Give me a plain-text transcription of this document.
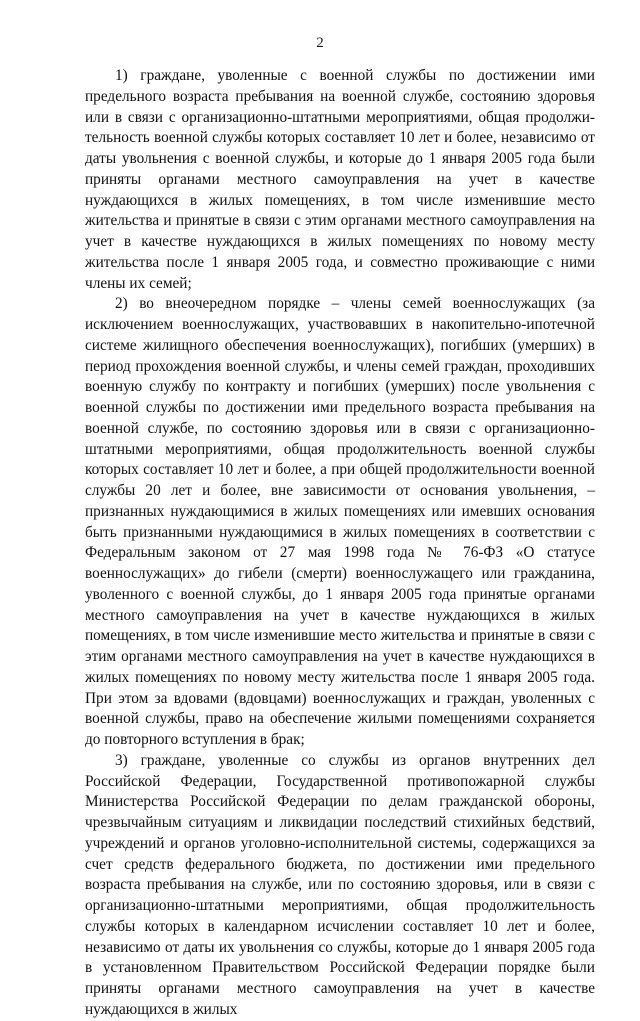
2

1) граждане, уволенные с военной службы по достижении ими предельного возраста пребывания на военной службе, состоянию здоровья или в связи с организационно-штатными мероприятиями, общая продолжи-тельность военной службы которых составляет 10 лет и более, независимо от даты увольнения с военной службы, и которые до 1 января 2005 года были приняты органами местного самоуправления на учет в качестве нуждающихся в жилых помещениях, в том числе изменившие место жительства и принятые в связи с этим органами местного самоуправления на учет в качестве нуждающихся в жилых помещениях по новому месту жительства после 1 января 2005 года, и совместно проживающие с ними члены их семей;

2) во внеочередном порядке – члены семей военнослужащих (за исключением военнослужащих, участвовавших в накопительно-ипотечной системе жилищного обеспечения военнослужащих), погибших (умерших) в период прохождения военной службы, и члены семей граждан, проходивших военную службу по контракту и погибших (умерших) после увольнения с военной службы по достижении ими предельного возраста пребывания на военной службе, по состоянию здоровья или в связи с организационно-штатными мероприятиями, общая продолжительность военной службы которых составляет 10 лет и более, а при общей продолжительности военной службы 20 лет и более, вне зависимости от основания увольнения, – признанных нуждающимися в жилых помещениях или имевших основания быть признанными нуждающимися в жилых помещениях в соответствии с Федеральным законом от 27 мая 1998 года № 76-ФЗ «О статусе военнослужащих» до гибели (смерти) военнослужащего или гражданина, уволенного с военной службы, до 1 января 2005 года принятые органами местного самоуправления на учет в качестве нуждающихся в жилых помещениях, в том числе изменившие место жительства и принятые в связи с этим органами местного самоуправления на учет в качестве нуждающихся в жилых помещениях по новому месту жительства после 1 января 2005 года. При этом за вдовами (вдовцами) военнослужащих и граждан, уволенных с военной службы, право на обеспечение жилыми помещениями сохраняется до повторного вступления в брак;

3) граждане, уволенные со службы из органов внутренних дел Российской Федерации, Государственной противопожарной службы Министерства Российской Федерации по делам гражданской обороны, чрезвычайным ситуациям и ликвидации последствий стихийных бедствий, учреждений и органов уголовно-исполнительной системы, содержащихся за счет средств федерального бюджета, по достижении ими предельного возраста пребывания на службе, или по состоянию здоровья, или в связи с организационно-штатными мероприятиями, общая продолжительность службы которых в календарном исчислении составляет 10 лет и более, независимо от даты их увольнения со службы, которые до 1 января 2005 года в установленном Правительством Российской Федерации порядке были приняты органами местного самоуправления на учет в качестве нуждающихся в жилых
